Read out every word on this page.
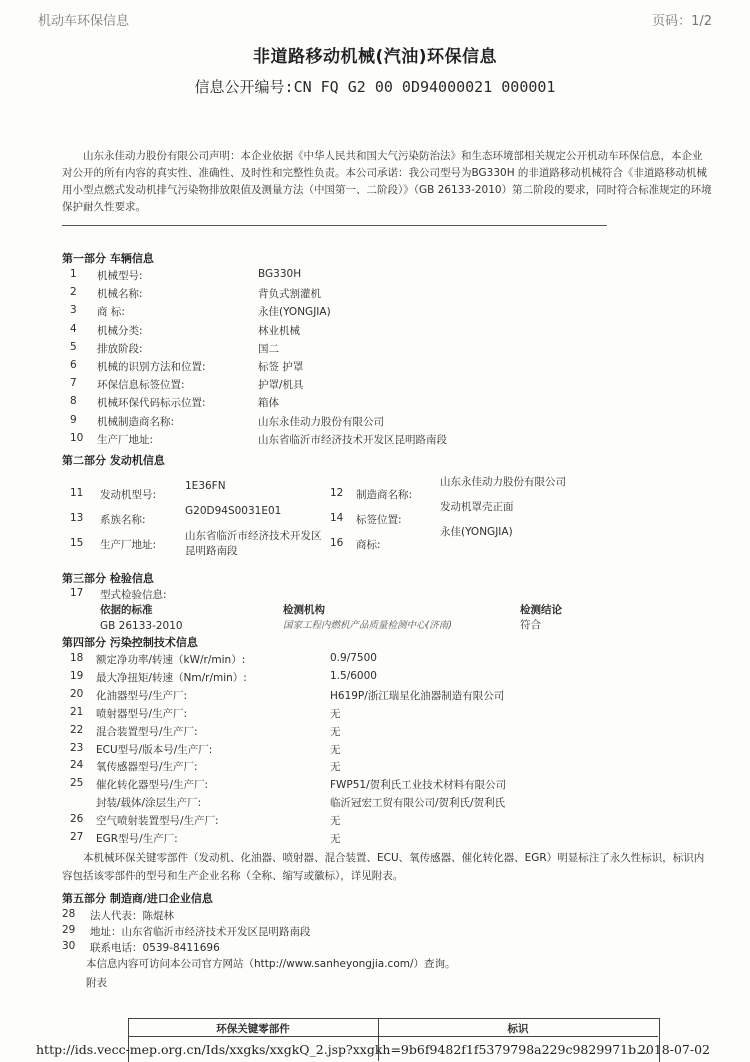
机动车环保信息	页码：1/2
非道路移动机械(汽油)环保信息
信息公开编号:CN FQ G2 00 0D94000021 000001
山东永佳动力股份有限公司声明：本企业依据《中华人民共和国大气污染防治法》和生态环境部相关规定公开机动车环保信息，本企业对公开的所有内容的真实性、准确性、及时性和完整性负责。本公司承诺：我公司型号为BG330H 的非道路移动机械符合《非道路移动机械用小型点燃式发动机排气污染物排放限值及测量方法（中国第一、二阶段）》（GB 26133-2010）第二阶段的要求，同时符合标准规定的环境保护耐久性要求。
第一部分 车辆信息
1 机械型号:	BG330H
2 机械名称:	背负式割灌机
3 商 标:	永佳(YONGJIA)
4 机械分类:	林业机械
5 排放阶段:	国二
6 机械的识别方法和位置:	标签 护罩
7 环保信息标签位置:	护罩/机具
8 机械环保代码标示位置:	箱体
9 机械制造商名称:	山东永佳动力股份有限公司
10 生产厂地址:	山东省临沂市经济技术开发区昆明路南段
第二部分 发动机信息
11 发动机型号:
1E36FN
12 制造商名称:
山东永佳动力股份有限公司
13 系族名称:
G20D94S0031E01
14 标签位置:
发动机罩壳正面
15 生产厂地址:
山东省临沂市经济技术开发区昆明路南段
16 商标:
永佳(YONGJIA)
第三部分 检验信息
17 型式检验信息:
依据的标准	检测机构	检测结论
GB 26133-2010	国家工程内燃机产品质量检测中心(济南)	符合
第四部分 污染控制技术信息
18 额定净功率/转速（kW/r/min）:	0.9/7500
19 最大净扭矩/转速（Nm/r/min）:	1.5/6000
20 化油器型号/生产厂:	H619P/浙江瑞星化油器制造有限公司
21 喷射器型号/生产厂:	无
22 混合装置型号/生产厂:	无
23 ECU型号/版本号/生产厂:	无
24 氧传感器型号/生产厂:	无
25 催化转化器型号/生产厂:	FWP51/贺利氏工业技术材料有限公司
封装/载体/涂层生产厂:	临沂冠宏工贸有限公司/贺利氏/贺利氏
26 空气喷射装置型号/生产厂:	无
27 EGR型号/生产厂:	无
本机械环保关键零部件（发动机、化油器、喷射器、混合装置、ECU、氧传感器、催化转化器、EGR）明显标注了永久性标识，标识内容包括该零部件的型号和生产企业名称（全称、缩写或徽标），详见附表。
第五部分 制造商/进口企业信息
28 法人代表：陈焜林
29 地址：山东省临沂市经济技术开发区昆明路南段
30 联系电话：0539-8411696
本信息内容可访问本公司官方网站（http://www.sanheyongjia.com/）查询。
附表
环保关键零部件	标识
http://ids.vecc-mep.org.cn/Ids/xxgks/xxgkQ_2.jsp?xxgkh=9b6f9482f1f5379798a229c9829971b...
2018-07-02
